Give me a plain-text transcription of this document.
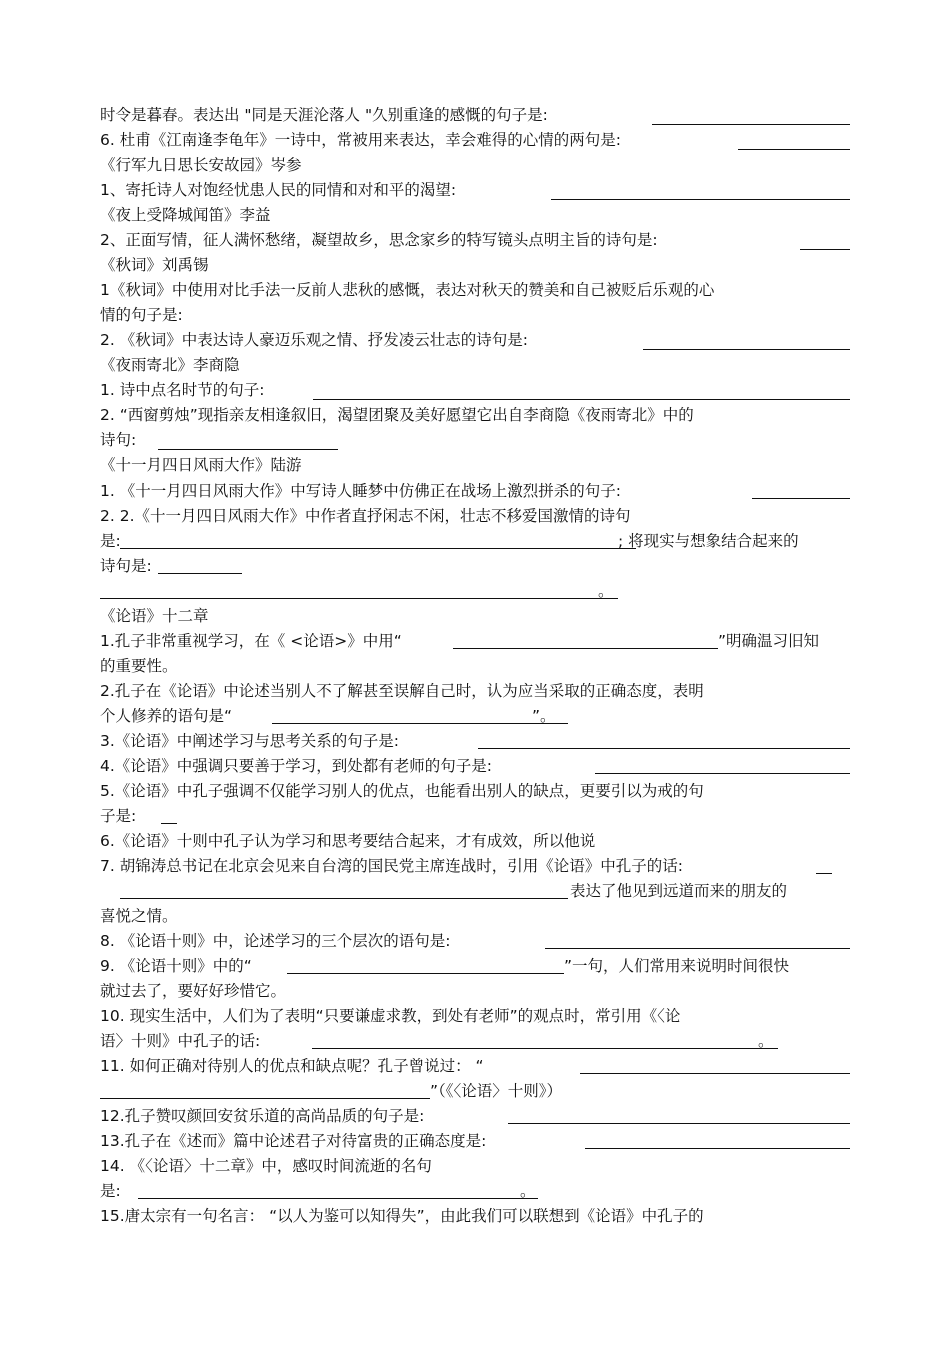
时令是暮春。表达出 "同是天涯沦落人 "久别重逢的感慨的句子是:
6. 杜甫《江南逢李龟年》一诗中，常被用来表达，幸会难得的心情的两句是:
《行军九日思长安故园》岑参
1、寄托诗人对饱经忧患人民的同情和对和平的渴望:
《夜上受降城闻笛》李益
2、正面写情，征人满怀愁绪，凝望故乡，思念家乡的特写镜头点明主旨的诗句是:
《秋词》刘禹锡
1《秋词》中使用对比手法一反前人悲秋的感慨，表达对秋天的赞美和自己被贬后乐观的心
情的句子是:
2. 《秋词》中表达诗人豪迈乐观之情、抒发凌云壮志的诗句是:
《夜雨寄北》李商隐
1. 诗中点名时节的句子:
2. “西窗剪烛”现指亲友相逢叙旧，渴望团聚及美好愿望它出自李商隐《夜雨寄北》中的
诗句:
《十一月四日风雨大作》陆游
1. 《十一月四日风雨大作》中写诗人睡梦中仿佛正在战场上激烈拼杀的句子:
2. 2.《十一月四日风雨大作》中作者直抒闲志不闲，壮志不移爱国激情的诗句
是:	; 将现实与想象结合起来的
诗句是:
。
《论语》十二章
1.孔子非常重视学习，在《 <论语>》中用“	”明确温习旧知
的重要性。
2.孔子在《论语》中论述当别人不了解甚至误解自己时，认为应当采取的正确态度，表明
个人修养的语句是“	”。
3.《论语》中阐述学习与思考关系的句子是:
4.《论语》中强调只要善于学习，到处都有老师的句子是:
5.《论语》中孔子强调不仅能学习别人的优点，也能看出别人的缺点，更要引以为戒的句
子是:
6.《论语》十则中孔子认为学习和思考要结合起来，才有成效，所以他说
7. 胡锦涛总书记在北京会见来自台湾的国民党主席连战时，引用《论语》中孔子的话:
表达了他见到远道而来的朋友的
喜悦之情。
8. 《论语十则》中，论述学习的三个层次的语句是:
9. 《论语十则》中的“	”一句，人们常用来说明时间很快
就过去了，要好好珍惜它。
10. 现实生活中，人们为了表明“只要谦虚求教，到处有老师”的观点时，常引用《〈论
语〉十则》中孔子的话:	。
11. 如何正确对待别人的优点和缺点呢？孔子曾说过： “
”（《〈论语〉十则》）
12.孔子赞叹颜回安贫乐道的高尚品质的句子是:
13.孔子在《述而》篇中论述君子对待富贵的正确态度是:
14. 《〈论语〉十二章》中，感叹时间流逝的名句
是:	。
15.唐太宗有一句名言： “以人为鉴可以知得失”，由此我们可以联想到《论语》中孔子的
